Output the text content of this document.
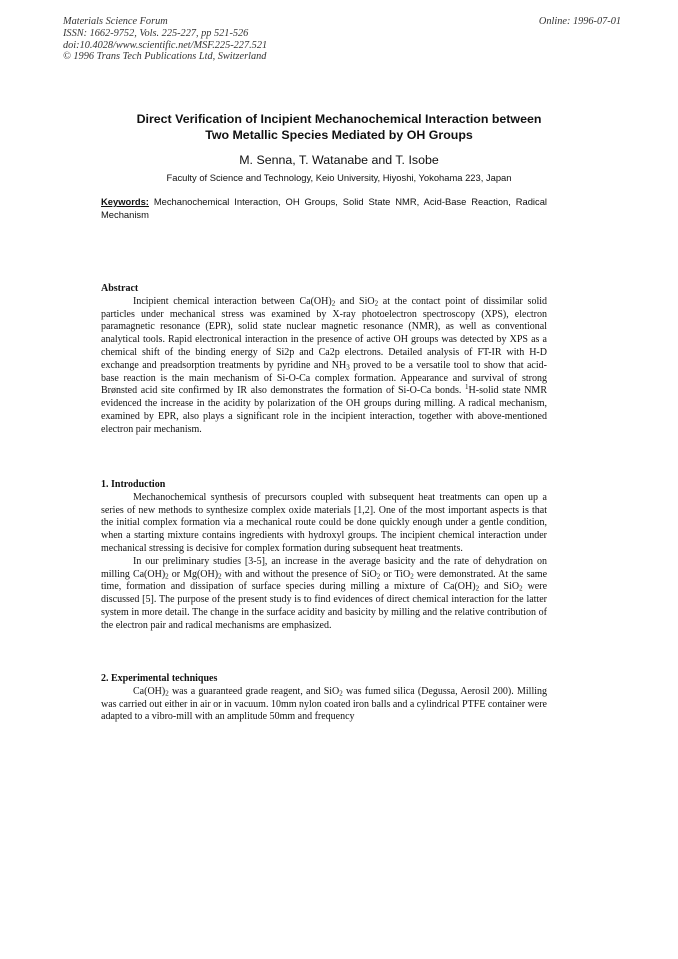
Materials Science Forum
ISSN: 1662-9752, Vols. 225-227, pp 521-526
doi:10.4028/www.scientific.net/MSF.225-227.521
© 1996 Trans Tech Publications Ltd, Switzerland
Online: 1996-07-01
Direct Verification of Incipient Mechanochemical Interaction between
Two Metallic Species Mediated by OH Groups
M. Senna, T. Watanabe and T. Isobe
Faculty of Science and Technology, Keio University, Hiyoshi, Yokohama 223, Japan
Keywords: Mechanochemical Interaction, OH Groups, Solid State NMR, Acid-Base Reaction, Radical Mechanism
Abstract

Incipient chemical interaction between $Ca(OH)_2$ and SiO$_2$ at the contact point of dissimilar solid particles under mechanical stress was examined by X-ray photoelectron spectroscopy (XPS), electron paramagnetic resonance (EPR), solid state nuclear magnetic resonance (NMR), as well as conventional analytical tools. Rapid electronical interaction in the presence of active OH groups was detected by XPS as a chemical shift of the binding energy of Si2p and Ca2p electrons. Detailed analysis of FT-IR with H-D exchange and preadsorption treatments by pyridine and $NH_3$ proved to be a versatile tool to show that acid-base reaction is the main mechanism of Si-O-Ca complex formation. Appearance and survival of strong Brønsted acid site confirmed by IR also demonstrates the formation of Si-O-Ca bonds. $^1$H-solid state NMR evidenced the increase in the acidity by polarization of the OH groups during milling. A radical mechanism, examined by EPR, also plays a significant role in the incipient interaction, together with above-mentioned electron pair mechanism.

1. Introduction

Mechanochemical synthesis of precursors coupled with subsequent heat treatments can open up a series of new methods to synthesize complex oxide materials [1,2]. One of the most important aspects is that the initial complex formation via a mechanical route could be done quickly enough under a gentle condition, when a starting mixture contains ingredients with hydroxyl groups. The incipient chemical interaction under mechanical stressing is decisive for complex formation during subsequent heat treatments.

In our preliminary studies [3-5], an increase in the average basicity and the rate of dehydration on milling $Ca(OH)_2$ or $Mg(OH)_2$ with and without the presence of SiO$_2$ or TiO$_2$ were demonstrated. At the same time, formation and dissipation of surface species during milling a mixture of $Ca(OH)_2$ and SiO$_2$ were discussed [5]. The purpose of the present study is to find evidences of direct chemical interaction for the latter system in more detail. The change in the surface acidity and basicity by milling and the relative contribution of the electron pair and radical mechanisms are emphasized.

2. Experimental techniques

$Ca(OH)_2$ was a guaranteed grade reagent, and SiO$_2$ was fumed silica (Degussa, Aerosil 200). Milling was carried out either in air or in vacuum. 10mm nylon coated iron balls and a cylindrical PTFE container were adapted to a vibro-mill with an amplitude 50mm and frequency
